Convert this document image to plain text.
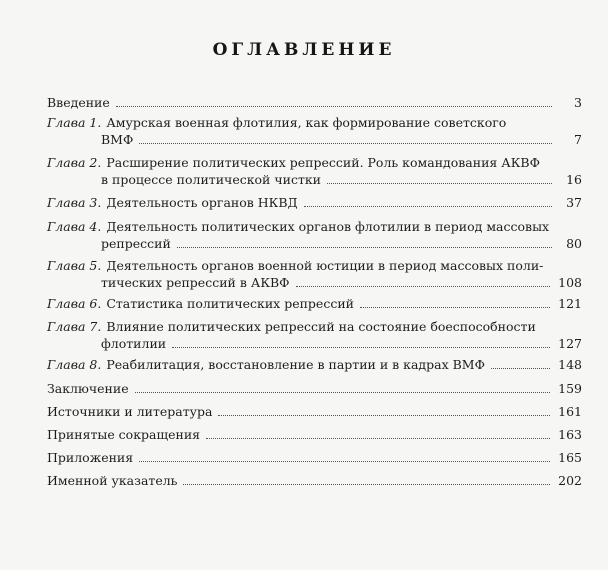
ОГЛАВЛЕНИЕ
Введение	3
Глава 1. Амурская военная флотилия, как формирование советского
ВМФ	7
Глава 2. Расширение политических репрессий. Роль командования АКВФ
в процессе политической чистки	16
Глава 3. Деятельность органов НКВД	37
Глава 4. Деятельность политических органов флотилии в период массовых
репрессий	80
Глава 5. Деятельность органов военной юстиции в период массовых поли-
тических репрессий в АКВФ	108
Глава 6. Статистика политических репрессий	121
Глава 7. Влияние политических репрессий на состояние боеспособности
флотилии	127
Глава 8. Реабилитация, восстановление в партии и в кадрах ВМФ	148
Заключение	159
Источники и литература	161
Принятые сокращения	163
Приложения	165
Именной указатель	202
